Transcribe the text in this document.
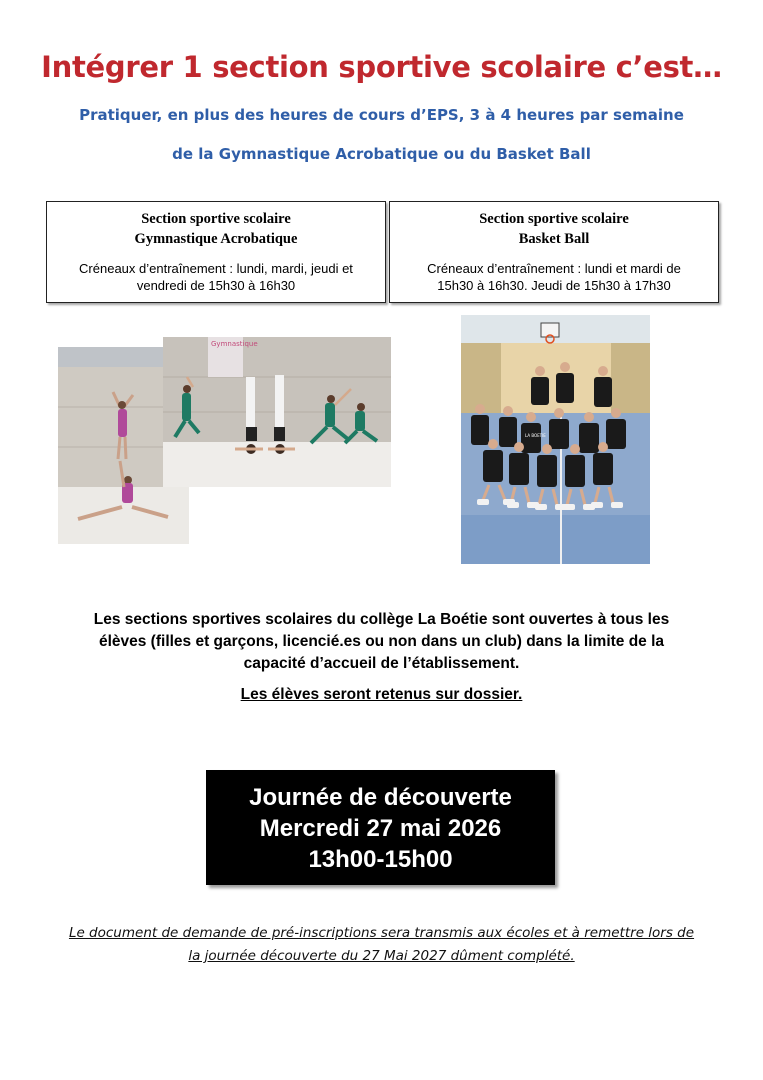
Intégrer 1 section sportive scolaire c’est…
Pratiquer, en plus des heures de cours d’EPS, 3 à 4 heures par semaine
de la Gymnastique Acrobatique ou du Basket Ball
Section sportive scolaire
Gymnastique Acrobatique
Créneaux d’entraînement : lundi, mardi, jeudi et
vendredi de 15h30 à 16h30
Section sportive scolaire
Basket Ball
Créneaux d’entraînement : lundi et mardi de
15h30 à 16h30. Jeudi de 15h30 à 17h30
Gymnastique
LA BOETIE
Les sections sportives scolaires du collège La Boétie sont ouvertes à tous les
élèves (filles et garçons, licencié.es ou non dans un club) dans la limite de la
capacité d’accueil de l’établissement.
Les élèves seront retenus sur dossier.
Journée de découverte
Mercredi 27 mai 2026
13h00-15h00
Le document de demande de pré-inscriptions sera transmis aux écoles et à remettre lors de
la journée découverte du 27 Mai 2027 dûment complété.
